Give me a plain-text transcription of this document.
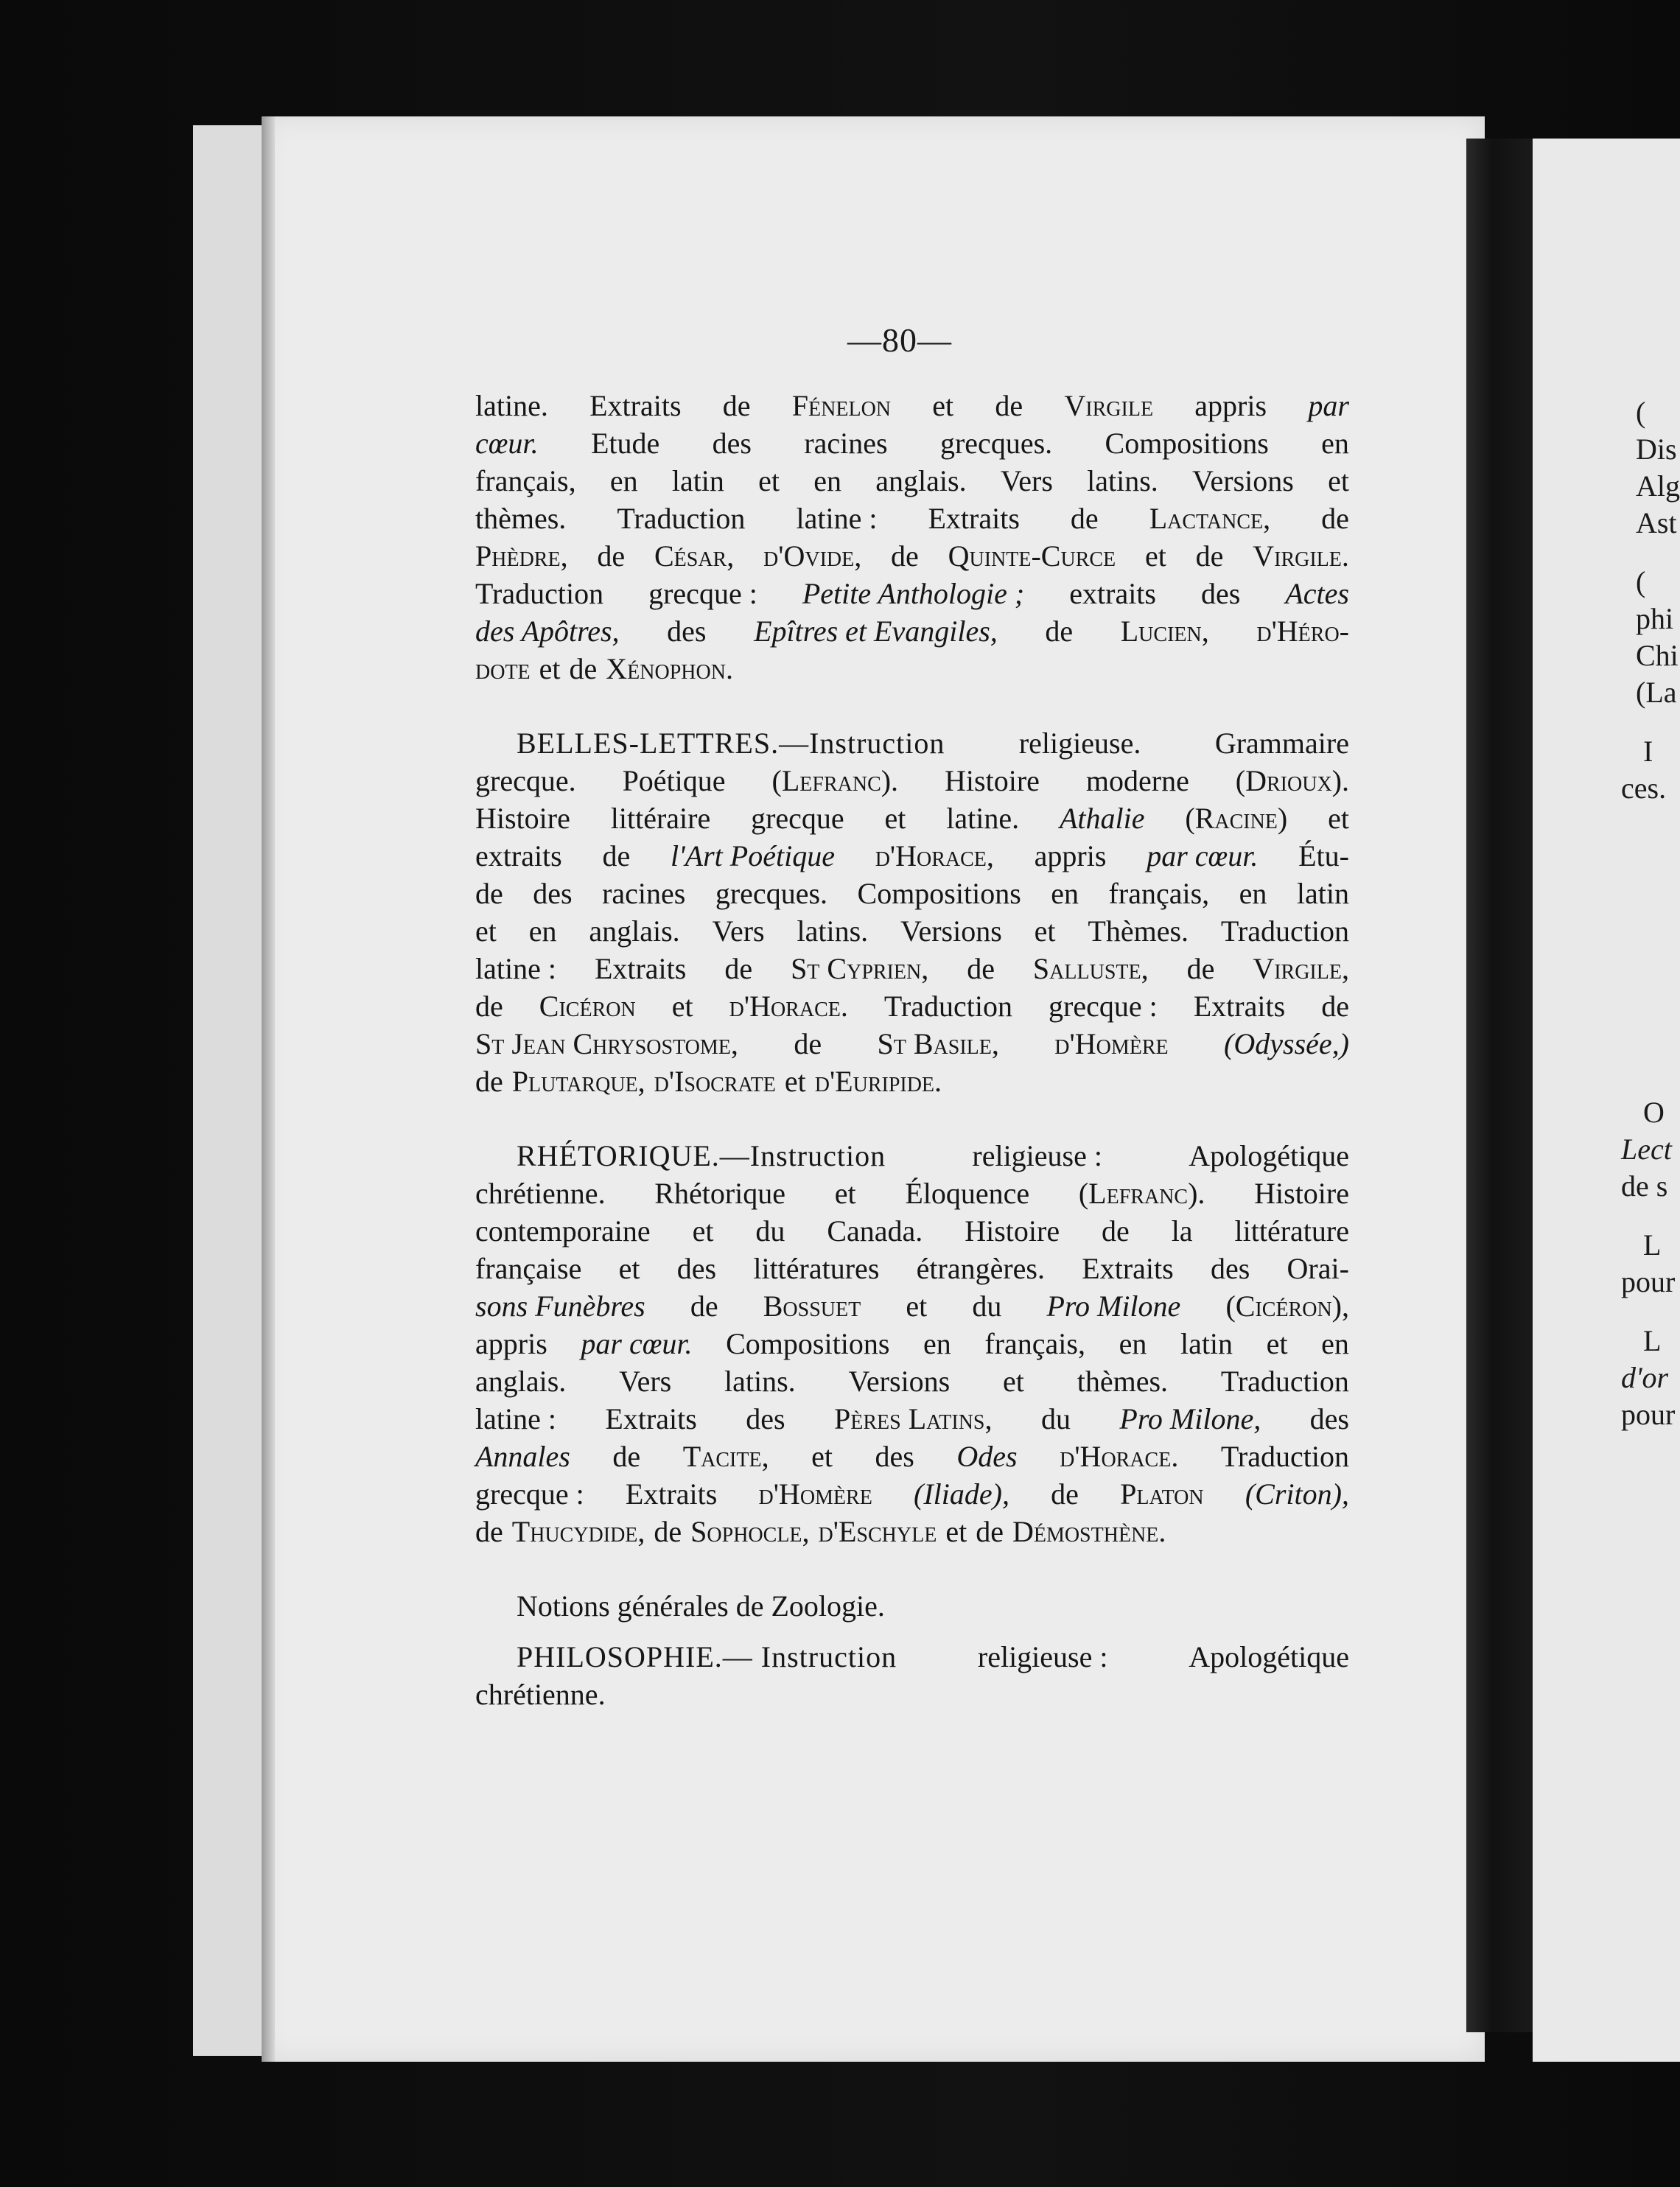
(
Dis
Alg
Ast
(
phi
Chi
(La
I
ces.
O
Lect
de s
L
pour
L
d'or
pour
—80—
latine. Extraits de Fénelon et de Virgile appris par
cœur. Etude des racines grecques. Compositions en
français, en latin et en anglais. Vers latins. Versions et
thèmes. Traduction latine : Extraits de Lactance, de
Phèdre, de César, d'Ovide, de Quinte-Curce et de Virgile.
Traduction grecque : Petite Anthologie ; extraits des Actes
des Apôtres, des Epîtres et Evangiles, de Lucien, d'Héro-
dote et de Xénophon.
BELLES-LETTRES.—Instruction	religieuse.	Grammaire
grecque. Poétique (Lefranc). Histoire moderne (Drioux).
Histoire littéraire grecque et latine. Athalie (Racine) et
extraits de l'Art Poétique d'Horace, appris par cœur. Étu-
de des racines grecques. Compositions en français, en latin
et en anglais. Vers latins. Versions et Thèmes. Traduction
latine : Extraits de St Cyprien, de Salluste, de Virgile,
de Cicéron et d'Horace. Traduction grecque : Extraits de
St Jean Chrysostome, de St Basile, d'Homère (Odyssée,)
de Plutarque, d'Isocrate et d'Euripide.
RHÉTORIQUE.—Instruction	religieuse :	Apologétique
chrétienne. Rhétorique et Éloquence (Lefranc). Histoire
contemporaine et du Canada. Histoire de la littérature
française et des littératures étrangères. Extraits des Orai-
sons Funèbres de Bossuet et du Pro Milone (Cicéron),
appris par cœur. Compositions en français, en latin et en
anglais. Vers latins. Versions et thèmes. Traduction
latine : Extraits des Pères Latins, du Pro Milone, des
Annales de Tacite, et des Odes d'Horace. Traduction
grecque : Extraits d'Homère (Iliade), de Platon (Criton),
de Thucydide, de Sophocle, d'Eschyle et de Démosthène.
Notions générales de Zoologie.
PHILOSOPHIE.— Instruction	religieuse :	Apologétique
chrétienne.
